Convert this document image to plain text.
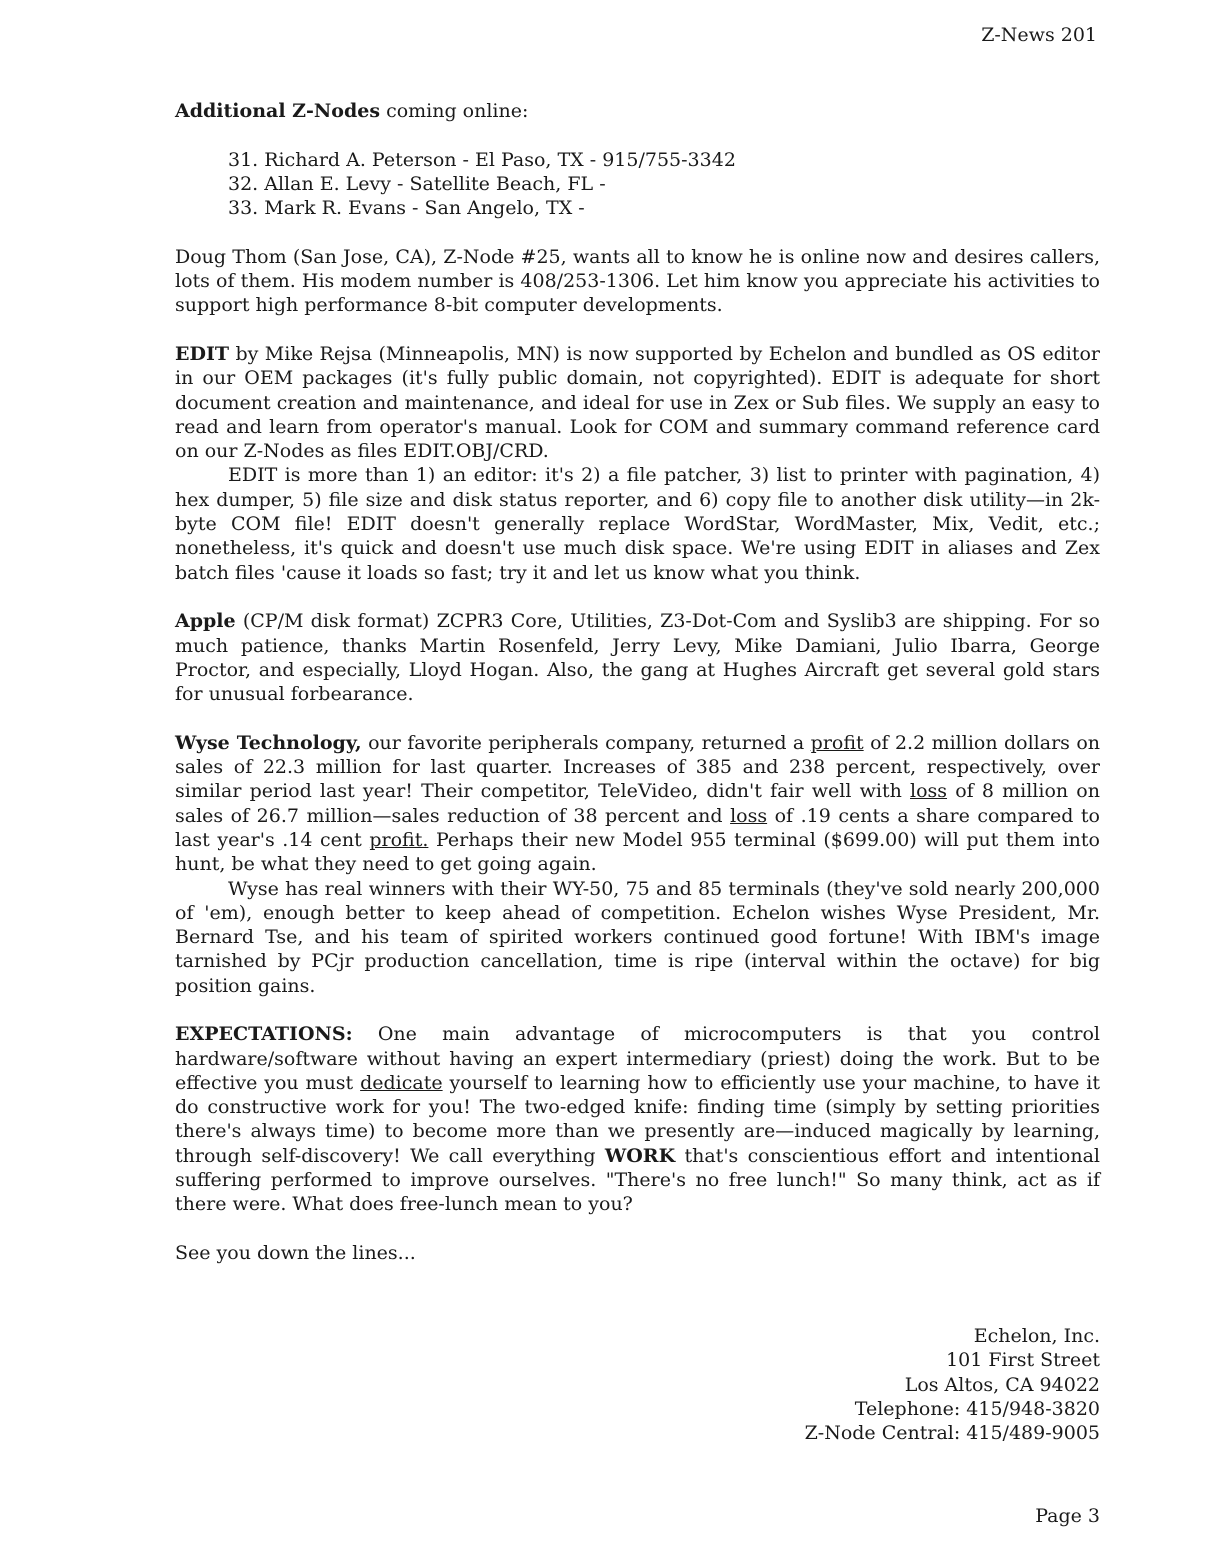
Z-News 201

Additional Z-Nodes coming online:

31. Richard A. Peterson - El Paso, TX - 915/755-3342
32. Allan E. Levy - Satellite Beach, FL -
33. Mark R. Evans - San Angelo, TX -

Doug Thom (San Jose, CA), Z-Node #25, wants all to know he is online now and desires callers, lots of them. His modem number is 408/253-1306. Let him know you appreciate his activities to support high performance 8-bit computer developments.

EDIT by Mike Rejsa (Minneapolis, MN) is now supported by Echelon and bundled as OS editor in our OEM packages (it's fully public domain, not copyrighted). EDIT is adequate for short document creation and maintenance, and ideal for use in Zex or Sub files. We supply an easy to read and learn from operator's manual. Look for COM and summary command reference card on our Z-Nodes as files EDIT.OBJ/CRD.

EDIT is more than 1) an editor: it's 2) a file patcher, 3) list to printer with pagination, 4) hex dumper, 5) file size and disk status reporter, and 6) copy file to another disk utility—in 2k-byte COM file! EDIT doesn't generally replace WordStar, WordMaster, Mix, Vedit, etc.; nonetheless, it's quick and doesn't use much disk space. We're using EDIT in aliases and Zex batch files 'cause it loads so fast; try it and let us know what you think.

Apple (CP/M disk format) ZCPR3 Core, Utilities, Z3-Dot-Com and Syslib3 are shipping. For so much patience, thanks Martin Rosenfeld, Jerry Levy, Mike Damiani, Julio Ibarra, George Proctor, and especially, Lloyd Hogan. Also, the gang at Hughes Aircraft get several gold stars for unusual forbearance.

Wyse Technology, our favorite peripherals company, returned a profit of 2.2 million dollars on sales of 22.3 million for last quarter. Increases of 385 and 238 percent, respectively, over similar period last year! Their competitor, TeleVideo, didn't fair well with loss of 8 million on sales of 26.7 million—sales reduction of 38 percent and loss of .19 cents a share compared to last year's .14 cent profit. Perhaps their new Model 955 terminal ($699.00) will put them into hunt, be what they need to get going again.

Wyse has real winners with their WY-50, 75 and 85 terminals (they've sold nearly 200,000 of 'em), enough better to keep ahead of competition. Echelon wishes Wyse President, Mr. Bernard Tse, and his team of spirited workers continued good fortune! With IBM's image tarnished by PCjr production cancellation, time is ripe (interval within the octave) for big position gains.

EXPECTATIONS: One main advantage of microcomputers is that you control hardware/software without having an expert intermediary (priest) doing the work. But to be effective you must dedicate yourself to learning how to efficiently use your machine, to have it do constructive work for you! The two-edged knife: finding time (simply by setting priorities there's always time) to become more than we presently are—induced magically by learning, through self-discovery! We call everything WORK that's conscientious effort and intentional suffering performed to improve ourselves. "There's no free lunch!" So many think, act as if there were. What does free-lunch mean to you?

See you down the lines...

Echelon, Inc.
101 First Street
Los Altos, CA 94022
Telephone: 415/948-3820
Z-Node Central: 415/489-9005
Page 3
